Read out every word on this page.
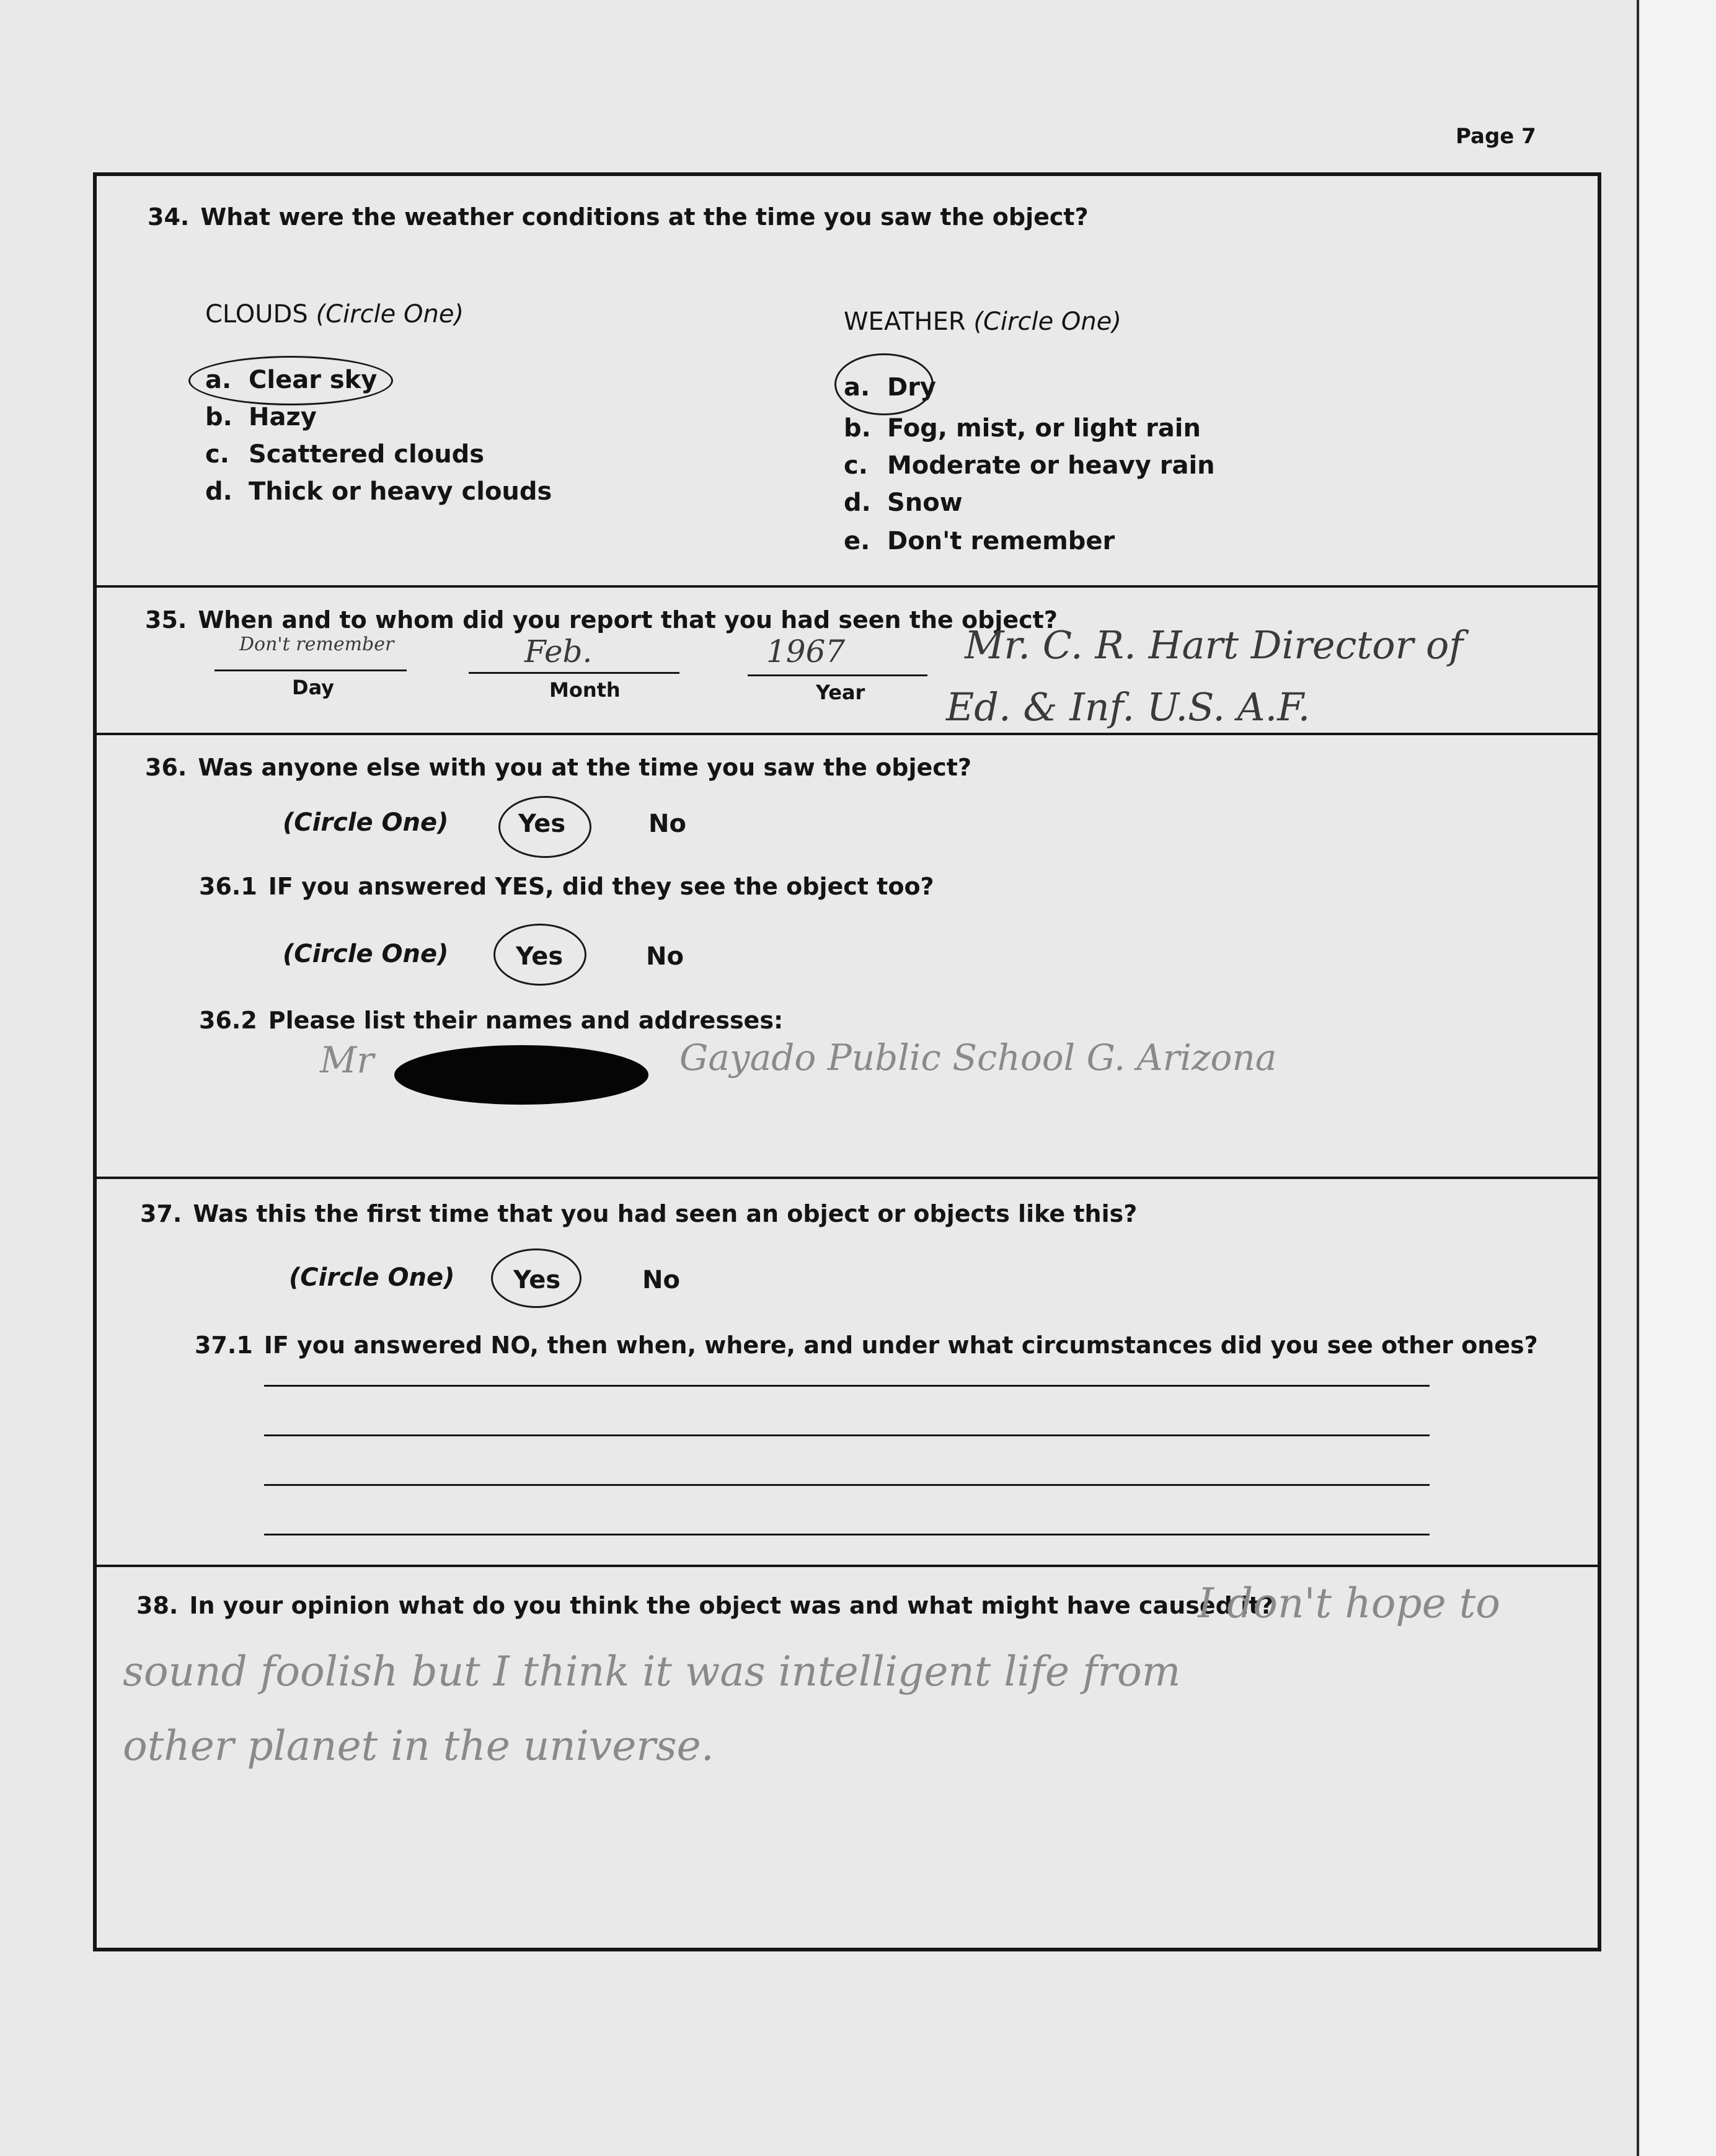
Page 7
34. What were the weather conditions at the time you saw the object?
CLOUDS (Circle One)
a. Clear sky
b. Hazy
c. Scattered clouds
d. Thick or heavy clouds
WEATHER (Circle One)
a. Dry
b. Fog, mist, or light rain
c. Moderate or heavy rain
d. Snow
e. Don't remember
35. When and to whom did you report that you had seen the object?
Don't remember
Day
Feb.
Month
1967
Year
Mr. C. R. Hart Director of
Ed. & Inf. U.S. A.F.
36. Was anyone else with you at the time you saw the object?
(Circle One)	Yes	No
36.1 IF you answered YES, did they see the object too?
(Circle One)	Yes	No
36.2 Please list their names and addresses:
Mr	Gayado Public School G. Arizona
37. Was this the first time that you had seen an object or objects like this?
(Circle One) Yes	No
37.1 IF you answered NO, then when, where, and under what circumstances did you see other ones?
38. In your opinion what do you think the object was and what might have caused it?
I don't hope to
sound foolish but I think it was intelligent life from
other planet in the universe.
